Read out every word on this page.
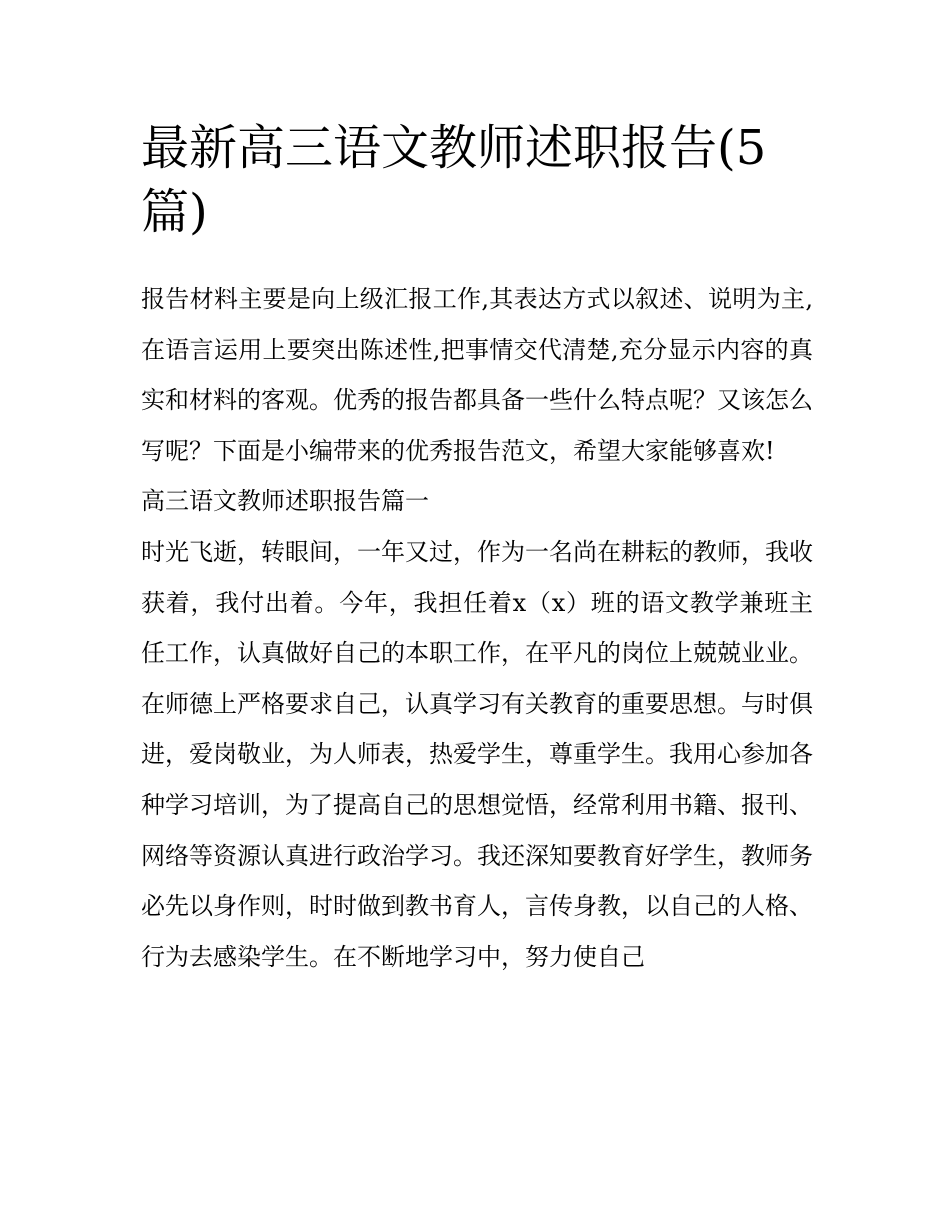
最新高三语文教师述职报告(5篇)

报告材料主要是向上级汇报工作,其表达方式以叙述、说明为主,在语言运用上要突出陈述性,把事情交代清楚,充分显示内容的真实和材料的客观。优秀的报告都具备一些什么特点呢？又该怎么写呢？下面是小编带来的优秀报告范文，希望大家能够喜欢!

高三语文教师述职报告篇一

时光飞逝，转眼间，一年又过，作为一名尚在耕耘的教师，我收获着，我付出着。今年，我担任着x（x）班的语文教学兼班主任工作，认真做好自己的本职工作，在平凡的岗位上兢兢业业。

在师德上严格要求自己，认真学习有关教育的重要思想。与时俱进，爱岗敬业，为人师表，热爱学生，尊重学生。我用心参加各种学习培训，为了提高自己的思想觉悟，经常利用书籍、报刊、网络等资源认真进行政治学习。我还深知要教育好学生，教师务必先以身作则，时时做到教书育人，言传身教，以自己的人格、行为去感染学生。在不断地学习中，努力使自己
